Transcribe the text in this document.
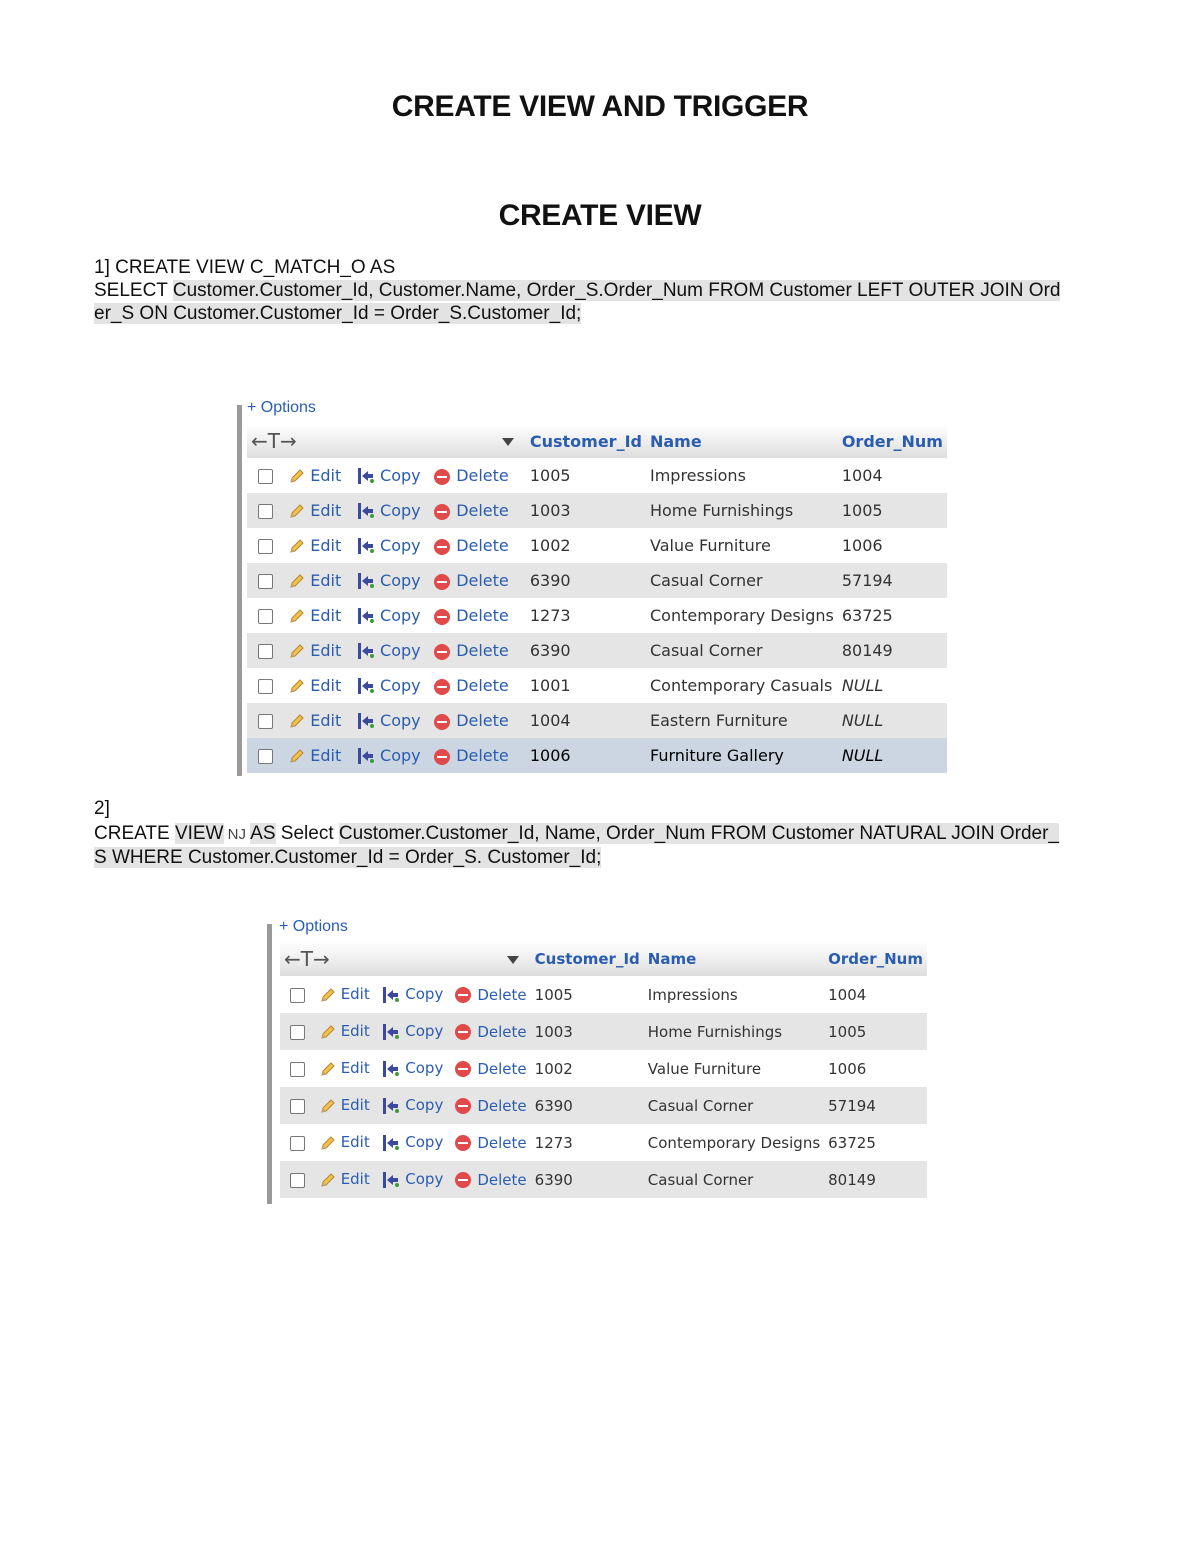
CREATE VIEW AND TRIGGER
CREATE VIEW
1] CREATE VIEW C_MATCH_O AS
SELECT Customer.Customer_Id, Customer.Name, Order_S.Order_Num FROM Customer LEFT OUTER JOIN Ord
er_S ON Customer.Customer_Id = Order_S.Customer_Id;
+ Options
←T→				Customer_Id	Name	Order_Num
	Edit	Copy	Delete	1005	Impressions	1004
	Edit	Copy	Delete	1003	Home Furnishings	1005
	Edit	Copy	Delete	1002	Value Furniture	1006
	Edit	Copy	Delete	6390	Casual Corner	57194
	Edit	Copy	Delete	1273	Contemporary Designs	63725
	Edit	Copy	Delete	6390	Casual Corner	80149
	Edit	Copy	Delete	1001	Contemporary Casuals	NULL
	Edit	Copy	Delete	1004	Eastern Furniture	NULL
	Edit	Copy	Delete	1006	Furniture Gallery	NULL
2]
CREATE VIEW NJ AS Select Customer.Customer_Id, Name, Order_Num FROM Customer NATURAL JOIN Order_
S WHERE Customer.Customer_Id = Order_S. Customer_Id;
+ Options
←T→				Customer_Id	Name	Order_Num
	Edit	Copy	Delete	1005	Impressions	1004
	Edit	Copy	Delete	1003	Home Furnishings	1005
	Edit	Copy	Delete	1002	Value Furniture	1006
	Edit	Copy	Delete	6390	Casual Corner	57194
	Edit	Copy	Delete	1273	Contemporary Designs	63725
	Edit	Copy	Delete	6390	Casual Corner	80149
